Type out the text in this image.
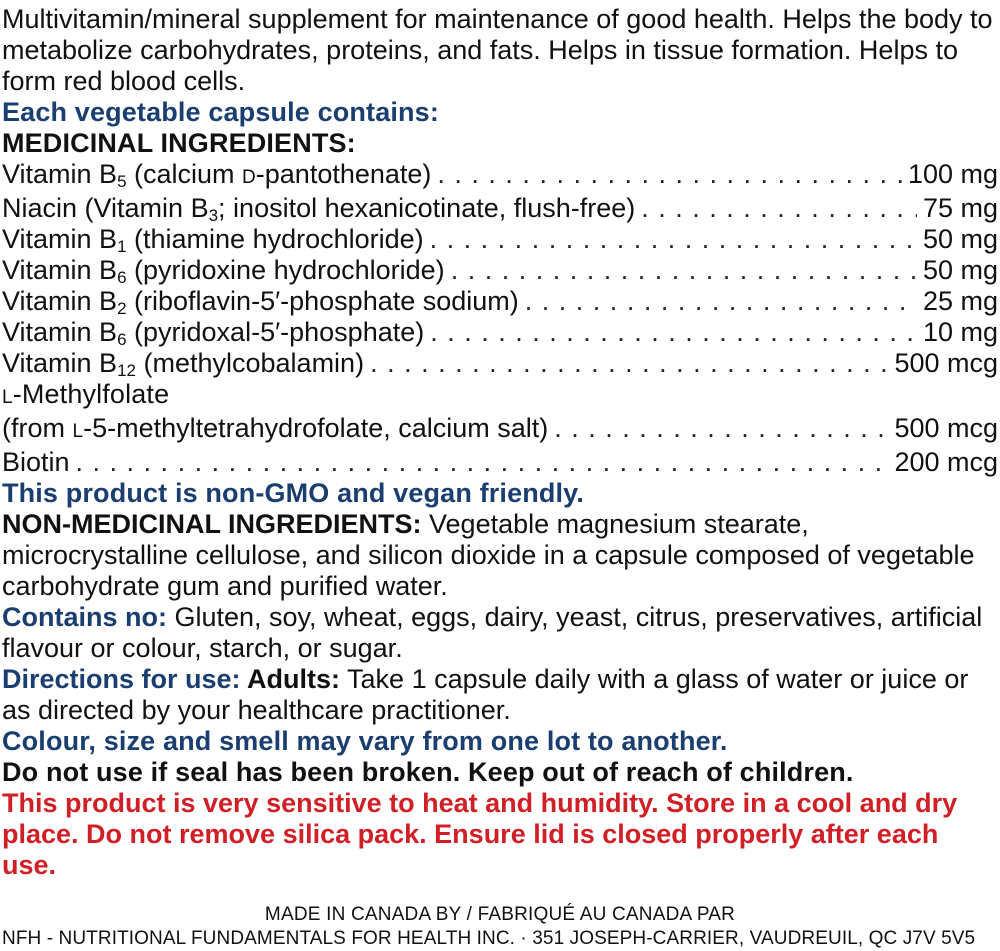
Multivitamin/mineral supplement for maintenance of good health. Helps the body to metabolize carbohydrates, proteins, and fats. Helps in tissue formation. Helps to form red blood cells.

Each vegetable capsule contains:

MEDICINAL INGREDIENTS:

Vitamin $B_5$ (calcium D-pantothenate) . . .	100 mg
Niacin (Vitamin $B_3$; inositol hexanicotinate, flush-free) . . .	75 mg
Vitamin $B_1$ (thiamine hydrochloride) . . .	50 mg
Vitamin $B_6$ (pyridoxine hydrochloride) . . .	50 mg
Vitamin $B_2$ (riboflavin-5′-phosphate sodium) . . .	25 mg
Vitamin $B_6$ (pyridoxal-5′-phosphate) . . .	10 mg
Vitamin $B_{12}$ (methylcobalamin) . . .	500 mcg

L-Methylfolate

(from L-5-methyltetrahydrofolate, calcium salt) . . .	500 mcg
Biotin . . .	200 mcg

This product is non-GMO and vegan friendly.

NON-MEDICINAL INGREDIENTS: Vegetable magnesium stearate, microcrystalline cellulose, and silicon dioxide in a capsule composed of vegetable carbohydrate gum and purified water.

Contains no: Gluten, soy, wheat, eggs, dairy, yeast, citrus, preservatives, artificial flavour or colour, starch, or sugar.

Directions for use: Adults: Take 1 capsule daily with a glass of water or juice or as directed by your healthcare practitioner.

Colour, size and smell may vary from one lot to another.

Do not use if seal has been broken. Keep out of reach of children.

This product is very sensitive to heat and humidity. Store in a cool and dry place. Do not remove silica pack. Ensure lid is closed properly after each use.

MADE IN CANADA BY / FABRIQUÉ AU CANADA PAR

NFH - NUTRITIONAL FUNDAMENTALS FOR HEALTH INC. · 351 JOSEPH-CARRIER, VAUDREUIL, QC J7V 5V5
